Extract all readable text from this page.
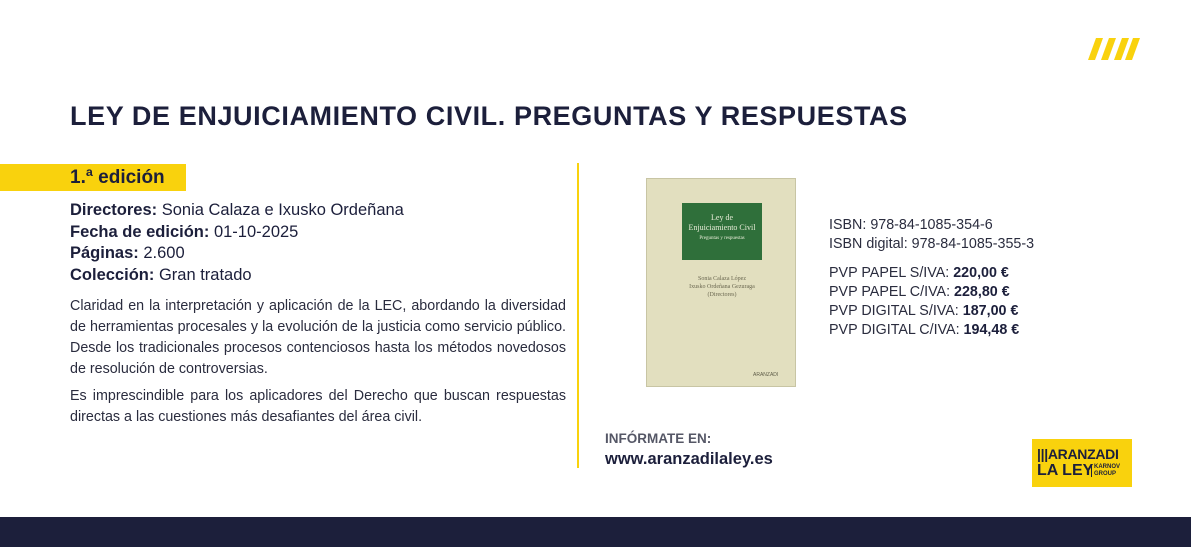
LEY DE ENJUICIAMIENTO CIVIL. PREGUNTAS Y RESPUESTAS
1.ª edición
Directores: Sonia Calaza e Ixusko Ordeñana
Fecha de edición: 01-10-2025
Páginas: 2.600
Colección: Gran tratado

Claridad en la interpretación y aplicación de la LEC, abordando la diversidad de herramientas procesales y la evolución de la justicia como servicio público. Desde los tradicionales procesos contenciosos hasta los métodos novedosos de resolución de controversias.

Es imprescindible para los aplicadores del Derecho que buscan respuestas directas a las cuestiones más desafiantes del área civil.

Ley de
Enjuiciamiento Civil
Preguntas y respuestas
Sonia Calaza López
Ixusko Ordeñana Gezuraga
(Directores)
ARANZADI
ISBN: 978-84-1085-354-6
ISBN digital: 978-84-1085-355-3
PVP PAPEL S/IVA: 220,00 €
PVP PAPEL C/IVA: 228,80 €
PVP DIGITAL S/IVA: 187,00 €
PVP DIGITAL C/IVA: 194,48 €
INFÓRMATE EN:
www.aranzadilaley.es	|||ARANZADI
LA LEY KARNOV
GROUP
